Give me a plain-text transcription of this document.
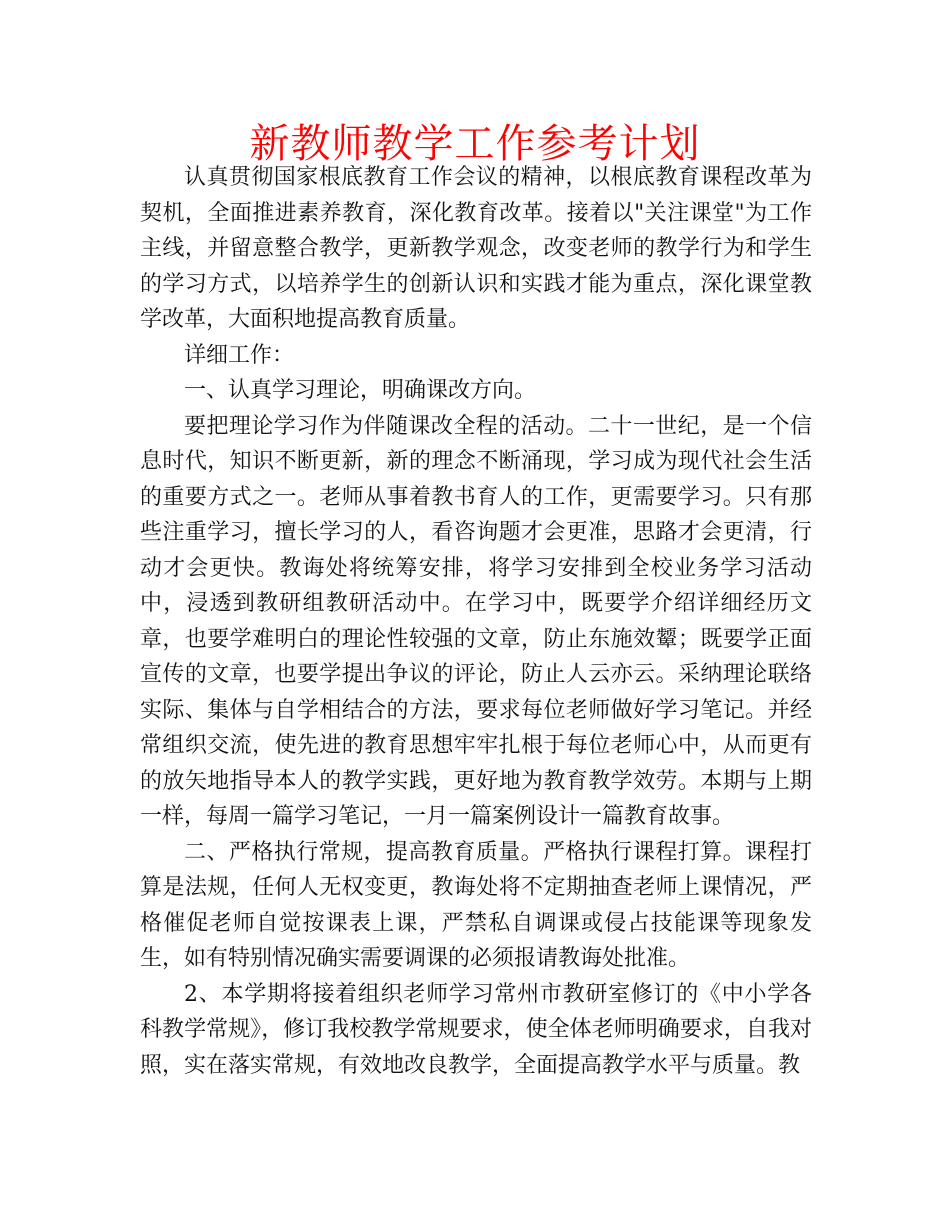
新教师教学工作参考计划

认真贯彻国家根底教育工作会议的精神，以根底教育课程改革为契机，全面推进素养教育，深化教育改革。接着以"关注课堂"为工作主线，并留意整合教学，更新教学观念，改变老师的教学行为和学生的学习方式，以培养学生的创新认识和实践才能为重点，深化课堂教学改革，大面积地提高教育质量。

详细工作：

一、认真学习理论，明确课改方向。

要把理论学习作为伴随课改全程的活动。二十一世纪，是一个信息时代，知识不断更新，新的理念不断涌现，学习成为现代社会生活的重要方式之一。老师从事着教书育人的工作，更需要学习。只有那些注重学习，擅长学习的人，看咨询题才会更准，思路才会更清，行动才会更快。教诲处将统筹安排，将学习安排到全校业务学习活动中，浸透到教研组教研活动中。在学习中，既要学介绍详细经历文章，也要学难明白的理论性较强的文章，防止东施效颦；既要学正面宣传的文章，也要学提出争议的评论，防止人云亦云。采纳理论联络实际、集体与自学相结合的方法，要求每位老师做好学习笔记。并经常组织交流，使先进的教育思想牢牢扎根于每位老师心中，从而更有的放矢地指导本人的教学实践，更好地为教育教学效劳。本期与上期一样，每周一篇学习笔记，一月一篇案例设计一篇教育故事。

二、严格执行常规，提高教育质量。严格执行课程打算。课程打算是法规，任何人无权变更，教诲处将不定期抽查老师上课情况，严格催促老师自觉按课表上课，严禁私自调课或侵占技能课等现象发生，如有特别情况确实需要调课的必须报请教诲处批准。

2、本学期将接着组织老师学习常州市教研室修订的《中小学各科教学常规》，修订我校教学常规要求，使全体老师明确要求，自我对照，实在落实常规，有效地改良教学，全面提高教学水平与质量。教
